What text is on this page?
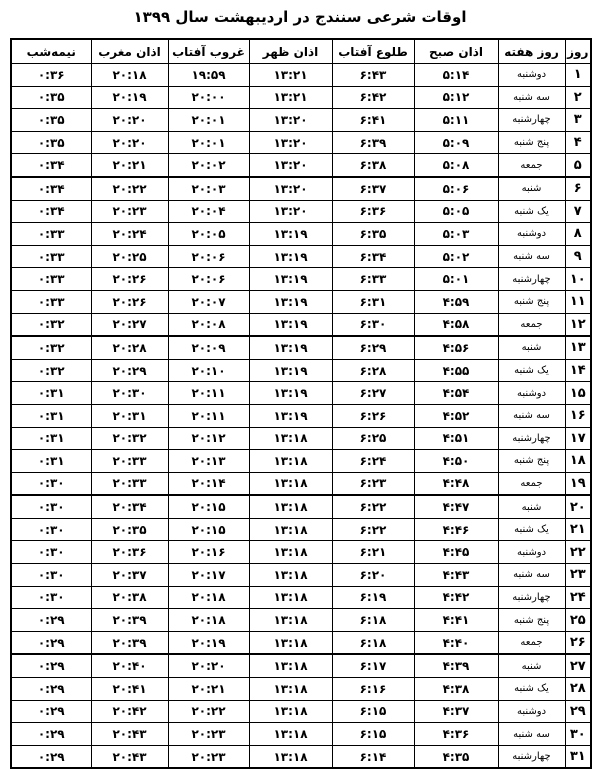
اوقات شرعی سنندج در اردیبهشت سال ۱۳۹۹
روز	روز هفته	اذان صبح	طلوع آفتاب	اذان ظهر	غروب آفتاب	اذان مغرب	نیمه‌شب
۱	دوشنبه	۵:۱۴	۶:۴۳	۱۳:۲۱	۱۹:۵۹	۲۰:۱۸	۰:۳۶
۲	سه شنبه	۵:۱۲	۶:۴۲	۱۳:۲۱	۲۰:۰۰	۲۰:۱۹	۰:۳۵
۳	چهارشنبه	۵:۱۱	۶:۴۱	۱۳:۲۰	۲۰:۰۱	۲۰:۲۰	۰:۳۵
۴	پنج شنبه	۵:۰۹	۶:۳۹	۱۳:۲۰	۲۰:۰۱	۲۰:۲۰	۰:۳۵
۵	جمعه	۵:۰۸	۶:۳۸	۱۳:۲۰	۲۰:۰۲	۲۰:۲۱	۰:۳۴
۶	شنبه	۵:۰۶	۶:۳۷	۱۳:۲۰	۲۰:۰۳	۲۰:۲۲	۰:۳۴
۷	یک شنبه	۵:۰۵	۶:۳۶	۱۳:۲۰	۲۰:۰۴	۲۰:۲۳	۰:۳۴
۸	دوشنبه	۵:۰۳	۶:۳۵	۱۳:۱۹	۲۰:۰۵	۲۰:۲۴	۰:۳۳
۹	سه شنبه	۵:۰۲	۶:۳۴	۱۳:۱۹	۲۰:۰۶	۲۰:۲۵	۰:۳۳
۱۰	چهارشنبه	۵:۰۱	۶:۳۳	۱۳:۱۹	۲۰:۰۶	۲۰:۲۶	۰:۳۳
۱۱	پنج شنبه	۴:۵۹	۶:۳۱	۱۳:۱۹	۲۰:۰۷	۲۰:۲۶	۰:۳۳
۱۲	جمعه	۴:۵۸	۶:۳۰	۱۳:۱۹	۲۰:۰۸	۲۰:۲۷	۰:۳۲
۱۳	شنبه	۴:۵۶	۶:۲۹	۱۳:۱۹	۲۰:۰۹	۲۰:۲۸	۰:۳۲
۱۴	یک شنبه	۴:۵۵	۶:۲۸	۱۳:۱۹	۲۰:۱۰	۲۰:۲۹	۰:۳۲
۱۵	دوشنبه	۴:۵۴	۶:۲۷	۱۳:۱۹	۲۰:۱۱	۲۰:۳۰	۰:۳۱
۱۶	سه شنبه	۴:۵۲	۶:۲۶	۱۳:۱۹	۲۰:۱۱	۲۰:۳۱	۰:۳۱
۱۷	چهارشنبه	۴:۵۱	۶:۲۵	۱۳:۱۸	۲۰:۱۲	۲۰:۳۲	۰:۳۱
۱۸	پنج شنبه	۴:۵۰	۶:۲۴	۱۳:۱۸	۲۰:۱۳	۲۰:۳۳	۰:۳۱
۱۹	جمعه	۴:۴۸	۶:۲۳	۱۳:۱۸	۲۰:۱۴	۲۰:۳۳	۰:۳۰
۲۰	شنبه	۴:۴۷	۶:۲۲	۱۳:۱۸	۲۰:۱۵	۲۰:۳۴	۰:۳۰
۲۱	یک شنبه	۴:۴۶	۶:۲۲	۱۳:۱۸	۲۰:۱۵	۲۰:۳۵	۰:۳۰
۲۲	دوشنبه	۴:۴۵	۶:۲۱	۱۳:۱۸	۲۰:۱۶	۲۰:۳۶	۰:۳۰
۲۳	سه شنبه	۴:۴۳	۶:۲۰	۱۳:۱۸	۲۰:۱۷	۲۰:۳۷	۰:۳۰
۲۴	چهارشنبه	۴:۴۲	۶:۱۹	۱۳:۱۸	۲۰:۱۸	۲۰:۳۸	۰:۳۰
۲۵	پنج شنبه	۴:۴۱	۶:۱۸	۱۳:۱۸	۲۰:۱۸	۲۰:۳۹	۰:۲۹
۲۶	جمعه	۴:۴۰	۶:۱۸	۱۳:۱۸	۲۰:۱۹	۲۰:۳۹	۰:۲۹
۲۷	شنبه	۴:۳۹	۶:۱۷	۱۳:۱۸	۲۰:۲۰	۲۰:۴۰	۰:۲۹
۲۸	یک شنبه	۴:۳۸	۶:۱۶	۱۳:۱۸	۲۰:۲۱	۲۰:۴۱	۰:۲۹
۲۹	دوشنبه	۴:۳۷	۶:۱۵	۱۳:۱۸	۲۰:۲۲	۲۰:۴۲	۰:۲۹
۳۰	سه شنبه	۴:۳۶	۶:۱۵	۱۳:۱۸	۲۰:۲۳	۲۰:۴۳	۰:۲۹
۳۱	چهارشنبه	۴:۳۵	۶:۱۴	۱۳:۱۸	۲۰:۲۳	۲۰:۴۳	۰:۲۹
